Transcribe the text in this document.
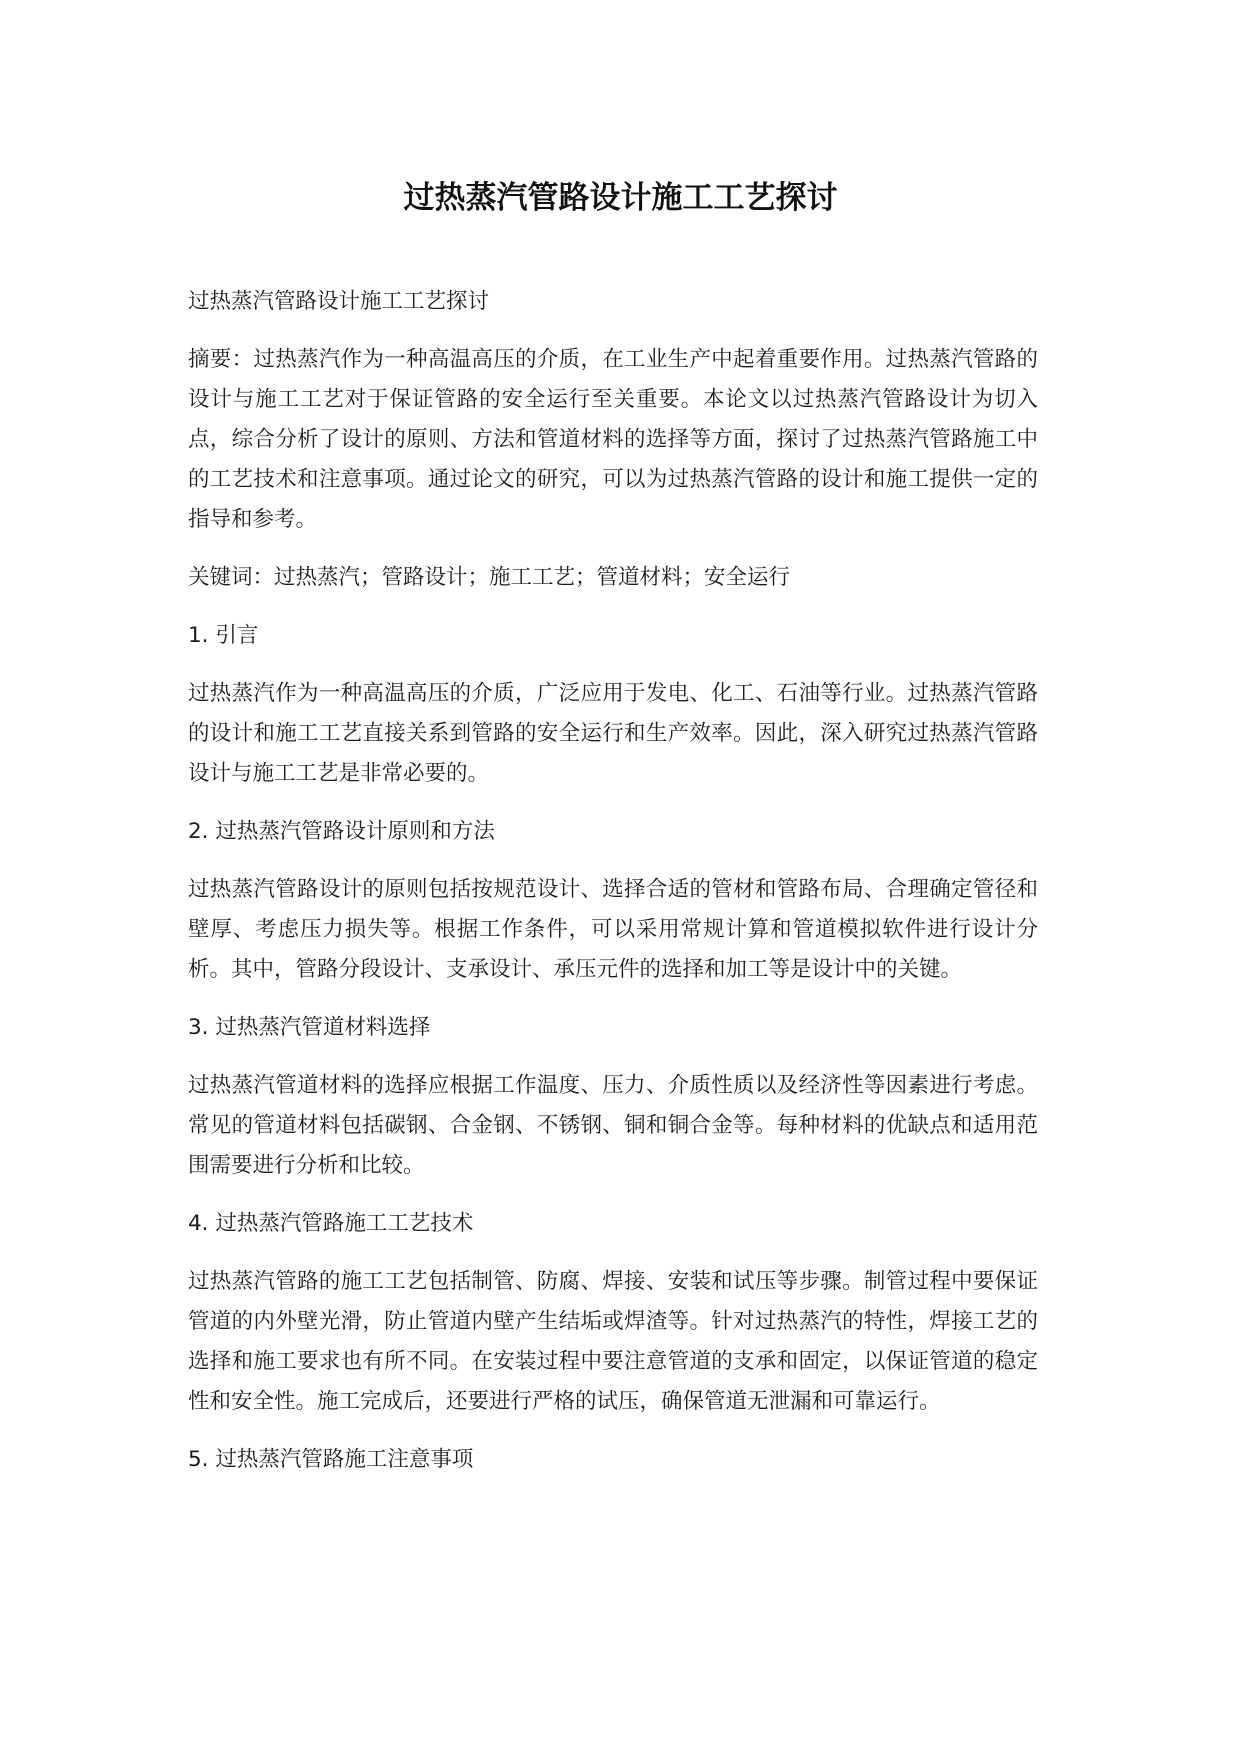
过热蒸汽管路设计施工工艺探讨

过热蒸汽管路设计施工工艺探讨

摘要：过热蒸汽作为一种高温高压的介质，在工业生产中起着重要作用。过热蒸汽管路的设计与施工工艺对于保证管路的安全运行至关重要。本论文以过热蒸汽管路设计为切入点，综合分析了设计的原则、方法和管道材料的选择等方面，探讨了过热蒸汽管路施工中的工艺技术和注意事项。通过论文的研究，可以为过热蒸汽管路的设计和施工提供一定的指导和参考。

关键词：过热蒸汽；管路设计；施工工艺；管道材料；安全运行

1. 引言

过热蒸汽作为一种高温高压的介质，广泛应用于发电、化工、石油等行业。过热蒸汽管路的设计和施工工艺直接关系到管路的安全运行和生产效率。因此，深入研究过热蒸汽管路设计与施工工艺是非常必要的。

2. 过热蒸汽管路设计原则和方法

过热蒸汽管路设计的原则包括按规范设计、选择合适的管材和管路布局、合理确定管径和壁厚、考虑压力损失等。根据工作条件，可以采用常规计算和管道模拟软件进行设计分析。其中，管路分段设计、支承设计、承压元件的选择和加工等是设计中的关键。

3. 过热蒸汽管道材料选择

过热蒸汽管道材料的选择应根据工作温度、压力、介质性质以及经济性等因素进行考虑。常见的管道材料包括碳钢、合金钢、不锈钢、铜和铜合金等。每种材料的优缺点和适用范围需要进行分析和比较。

4. 过热蒸汽管路施工工艺技术

过热蒸汽管路的施工工艺包括制管、防腐、焊接、安装和试压等步骤。制管过程中要保证管道的内外壁光滑，防止管道内壁产生结垢或焊渣等。针对过热蒸汽的特性，焊接工艺的选择和施工要求也有所不同。在安装过程中要注意管道的支承和固定，以保证管道的稳定性和安全性。施工完成后，还要进行严格的试压，确保管道无泄漏和可靠运行。

5. 过热蒸汽管路施工注意事项
